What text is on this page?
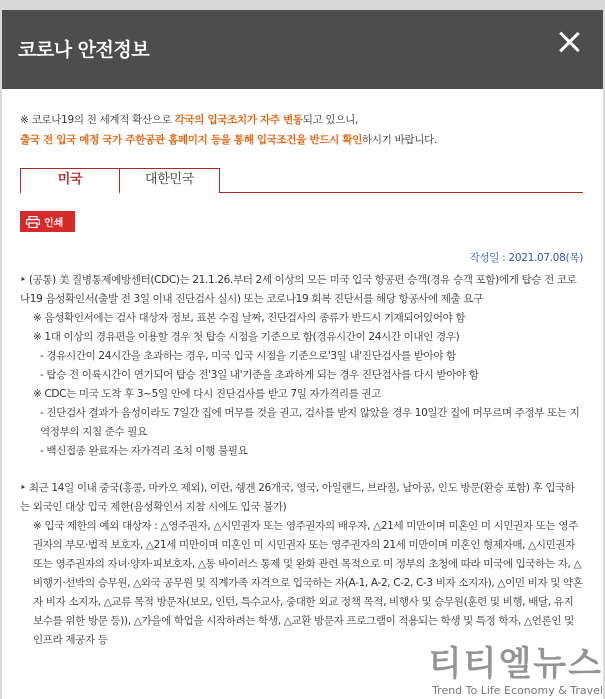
코로나 안전정보
※ 코로나19의 전 세계적 확산으로 각국의 입국조치가 자주 변동되고 있으니,
출국 전 입국 예정 국가 주한공관 홈페이지 등을 통해 입국조건을 반드시 확인하시기 바랍니다.
미국	대한민국
인쇄
작성일 : 2021.07.08(목)

‣ (공통) 美 질병통제예방센터(CDC)는 21.1.26.부터 2세 이상의 모든 미국 입국 항공편 승객(경유 승객 포함)에게 탑승 전 코로나19 음성확인서(출발 전 3일 이내 진단검사 실시) 또는 코로나19 회복 진단서를 해당 항공사에 제출 요구

※ 음성확인서에는 검사 대상자 정보, 표본 수집 날짜, 진단검사의 종류가 반드시 기재되어있어야 함

※ 1대 이상의 경유편을 이용할 경우 첫 탑승 시점을 기준으로 함(경유시간이 24시간 이내인 경우)

- 경유시간이 24시간을 초과하는 경우, 미국 입국 시점을 기준으로'3일 내'진단검사를 받아야 함

- 탑승 전 이륙시간이 연기되어 탑승 전'3일 내'기준을 초과하게 되는 경우 진단검사를 다시 받아야 함

※ CDC는 미국 도착 후 3~5일 안에 다시 진단검사를 받고 7일 자가격리를 권고

- 진단검사 결과가 음성이라도 7일간 집에 머무를 것을 권고, 검사를 받지 않았을 경우 10일간 집에 머무르며 주정부 또는 지역정부의 지침 준수 필요

- 백신접종 완료자는 자가격리 조치 이행 불필요

‣ 최근 14일 이내 중국(홍콩, 마카오 제외), 이란, 쉥겐 26개국, 영국, 아일랜드, 브라질, 남아공, 인도 방문(환승 포함) 후 입국하는 외국인 대상 입국 제한(음성확인서 지참 시에도 입국 불가)

※ 입국 제한의 예외 대상자 : △영주권자, △시민권자 또는 영주권자의 배우자, △21세 미만이며 미혼인 미 시민권자 또는 영주권자의 부모·법적 보호자, △21세 미만이며 미혼인 미 시민권자 또는 영주권자의 21세 미만이며 미혼인 형제자매, △시민권자 또는 영주권자의 자녀·양자·피보호자, △동 바이러스 통제 및 완화 관련 목적으로 미 정부의 초청에 따라 미국에 입국하는 자, △비행기·선박의 승무원, △외국 공무원 및 직계가족 자격으로 입국하는 자(A-1, A-2, C-2, C-3 비자 소지자), △이민 비자 및 약혼자 비자 소지자, △교류 목적 방문자(보모, 인턴, 특수교사, 중대한 외교 정책 목적, 비행사 및 승무원(훈련 및 비행, 배달, 유지보수를 위한 방문 등)), △가을에 학업을 시작하려는 학생, △교환 방문자 프로그램이 적용되는 학생 및 특정 학자, △언론인 및 인프라 제공자 등

티티엘뉴스
Trend To Life Economy & Travel
